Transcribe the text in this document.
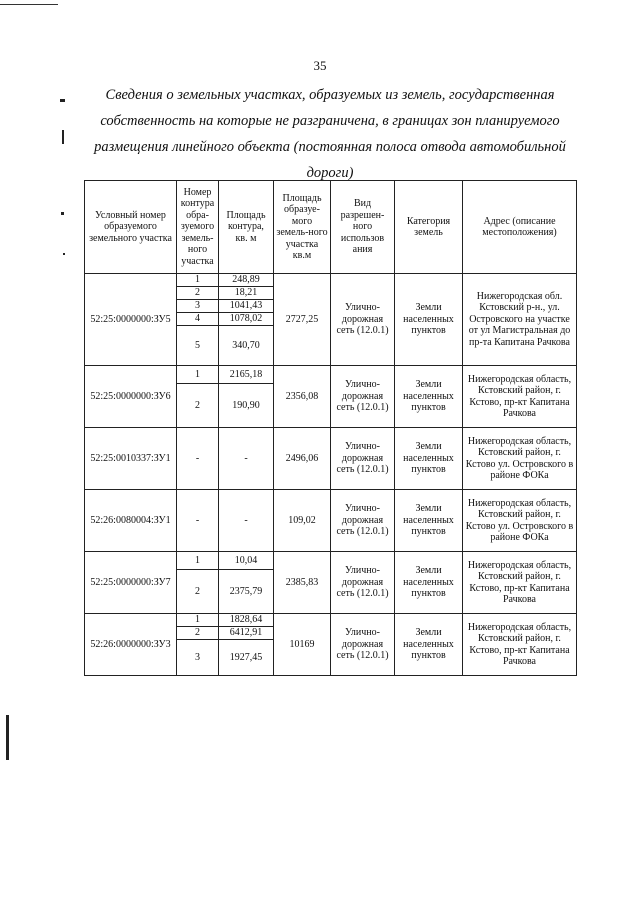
35
Сведения о земельных участках, образуемых из земель, государственная собственность на которые не разграничена, в границах зон планируемого размещения линейного объекта (постоянная полоса отвода автомобильной дороги)
Условный номер образуемого земельного участка	Номер контура обра-зуемого земель-ного участка	Площадь контура, кв. м	Площадь образуе-мого земель-ного участка кв.м	Вид разрешен-ного использов ания	Категория земель	Адрес (описание местоположения)
52:25:0000000:ЗУ5	1	248,89	2727,25	Улично-дорожная сеть (12.0.1)	Земли населенных пунктов	Нижегородская обл. Кстовский р-н., ул. Островского на участке от ул Магистральная до пр-та Капитана Рачкова
	2	18,21				
	3	1041,43				
	4	1078,02				
	5	340,70				
52:25:0000000:ЗУ6	1	2165,18	2356,08	Улично-дорожная сеть (12.0.1)	Земли населенных пунктов	Нижегородская область, Кстовский район, г. Кстово, пр-кт Капитана Рачкова
	2	190,90				
52:25:0010337:ЗУ1	-	-	2496,06	Улично-дорожная сеть (12.0.1)	Земли населенных пунктов	Нижегородская область, Кстовский район, г. Кстово ул. Островского в районе ФОКа
52:26:0080004:ЗУ1	-	-	109,02	Улично-дорожная сеть (12.0.1)	Земли населенных пунктов	Нижегородская область, Кстовский район, г. Кстово ул. Островского в районе ФОКа
52:25:0000000:ЗУ7	1	10,04	2385,83	Улично-дорожная сеть (12.0.1)	Земли населенных пунктов	Нижегородская область, Кстовский район, г. Кстово, пр-кт Капитана Рачкова
	2	2375,79				
52:26:0000000:ЗУ3	1	1828,64	10169	Улично-дорожная сеть (12.0.1)	Земли населенных пунктов	Нижегородская область, Кстовский район, г. Кстово, пр-кт Капитана Рачкова
	2	6412,91				
	3	1927,45				
